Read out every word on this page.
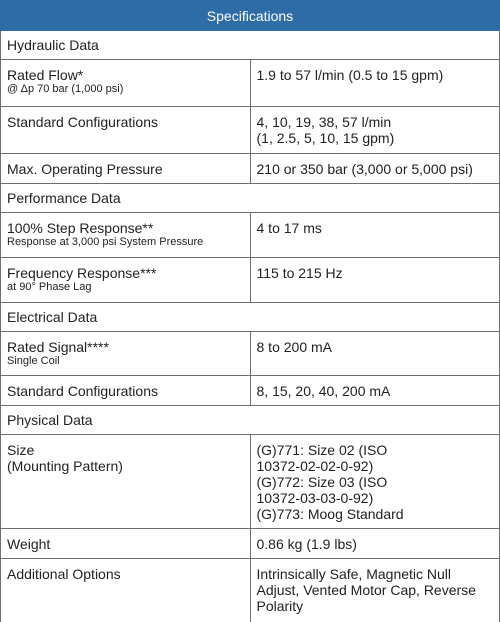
Specifications	
Hydraulic Data	

Rated Flow*
@ Δp 70 bar (1,000 psi)	1.9 to 57 l/min (0.5 to 15 gpm)
Standard Configurations	4, 10, 19, 38, 57 l/min
(1, 2.5, 5, 10, 15 gpm)

Max. Operating Pressure	210 or 350 bar (3,000 or 5,000 psi)
Performance Data	

100% Step Response**
Response at 3,000 psi System Pressure	4 to 17 ms

Frequency Response***
at 90° Phase Lag	115 to 215 Hz
Electrical Data	

Rated Signal****
Single Coil	8 to 200 mA
Standard Configurations	8, 15, 20, 40, 200 mA
Physical Data	

Size
(Mounting Pattern)	(G)771: Size 02 (ISO
10372-02-02-0-92)
(G)772: Size 03 (ISO
10372-03-03-0-92)
(G)773: Moog Standard

Weight	0.86 kg (1.9 lbs)
Additional Options	Intrinsically Safe, Magnetic Null
Adjust, Vented Motor Cap, Reverse
Polarity
